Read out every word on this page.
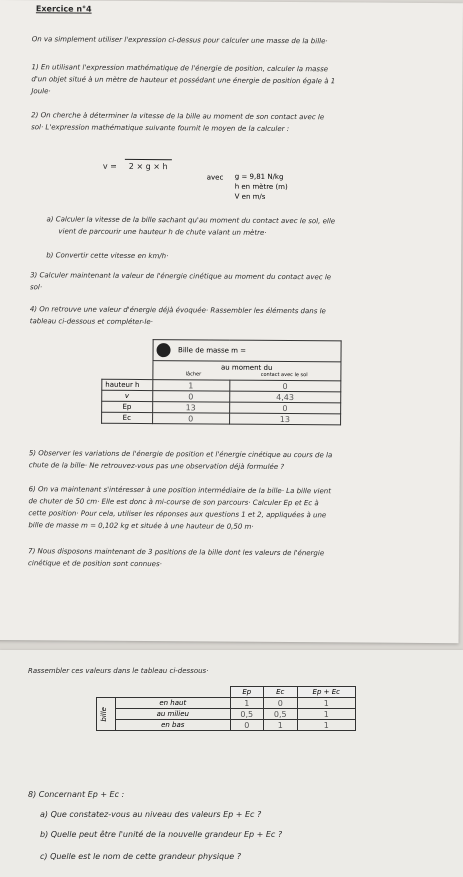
Exercice n°4
On va simplement utiliser l'expression ci-dessus pour calculer une masse de la bille·
1) En utilisant l'expression mathématique de l'énergie de position, calculer la masse
d'un objet situé à un mètre de hauteur et possédant une énergie de position égale à 1
Joule·
2) On cherche à déterminer la vitesse de la bille au moment de son contact avec le
sol· L'expression mathématique suivante fournit le moyen de la calculer :
v = 2 × g × h
avec g = 9,81 N/kg
h en mètre (m)
V en m/s
a) Calculer la vitesse de la bille sachant qu'au moment du contact avec le sol, elle
vient de parcourir une hauteur h de chute valant un mètre·
b) Convertir cette vitesse en km/h·
3) Calculer maintenant la valeur de l'énergie cinétique au moment du contact avec le
sol·
4) On retrouve une valeur d'énergie déjà évoquée· Rassembler les éléments dans le
tableau ci-dessous et compléter-le·
	Bille de masse m =	

	au moment du
lâcher contact avec le sol	

hauteur h	1	0
v	0	4,43
Ep	13	0
Ec	0	13
5) Observer les variations de l'énergie de position et l'énergie cinétique au cours de la
chute de la bille· Ne retrouvez-vous pas une observation déjà formulée ?
6) On va maintenant s'intéresser à une position intermédiaire de la bille· La bille vient
de chuter de 50 cm· Elle est donc à mi-course de son parcours· Calculer Ep et Ec à
cette position· Pour cela, utiliser les réponses aux questions 1 et 2, appliquées à une
bille de masse m = 0,102 kg et située à une hauteur de 0,50 m·
7) Nous disposons maintenant de 3 positions de la bille dont les valeurs de l'énergie
cinétique et de position sont connues·
Rassembler ces valeurs dans le tableau ci-dessous·
		Ep	Ec	Ep + Ec

bille	en haut	1	0	1
	au milieu	0,5	0,5	1
	en bas	0	1	1
8) Concernant Ep + Ec :
a) Que constatez-vous au niveau des valeurs Ep + Ec ?
b) Quelle peut être l'unité de la nouvelle grandeur Ep + Ec ?
c) Quelle est le nom de cette grandeur physique ?
